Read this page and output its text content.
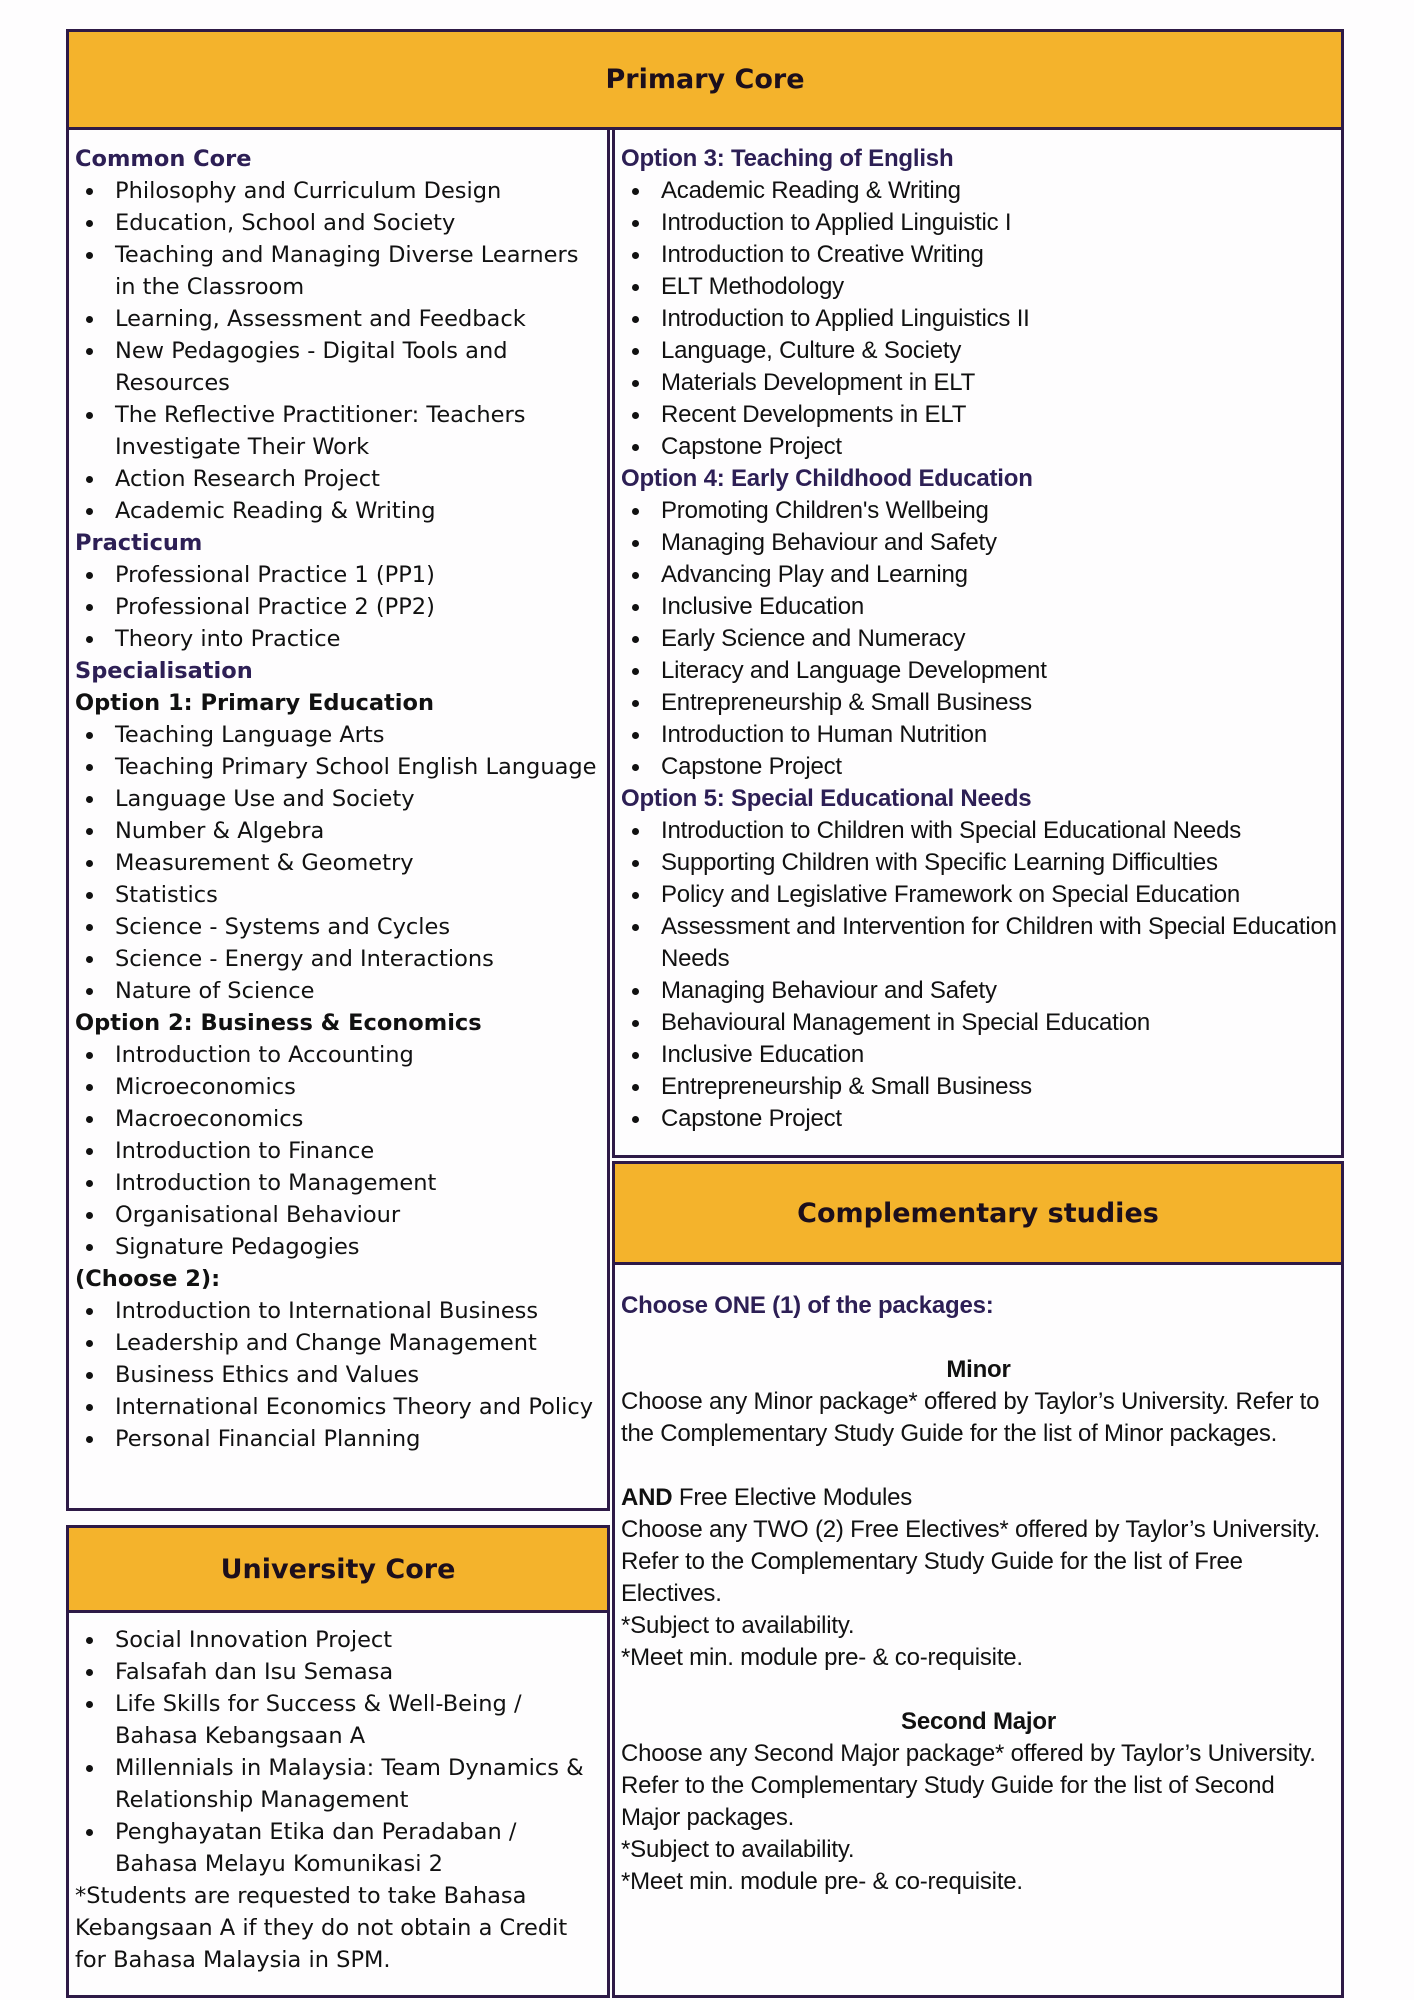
Primary Core
Common Core
Philosophy and Curriculum Design
Education, School and Society
Teaching and Managing Diverse Learners in the Classroom
Learning, Assessment and Feedback
New Pedagogies - Digital Tools and Resources
The Reflective Practitioner: Teachers Investigate Their Work
Action Research Project
Academic Reading & Writing
Practicum
Professional Practice 1 (PP1)
Professional Practice 2 (PP2)
Theory into Practice
Specialisation
Option 1: Primary Education
Teaching Language Arts
Teaching Primary School English Language
Language Use and Society
Number & Algebra
Measurement & Geometry
Statistics
Science - Systems and Cycles
Science - Energy and Interactions
Nature of Science
Option 2: Business & Economics
Introduction to Accounting
Microeconomics
Macroeconomics
Introduction to Finance
Introduction to Management
Organisational Behaviour
Signature Pedagogies
(Choose 2):
Introduction to International Business
Leadership and Change Management
Business Ethics and Values
International Economics Theory and Policy
Personal Financial Planning
Option 3: Teaching of English
Academic Reading & Writing
Introduction to Applied Linguistic I
Introduction to Creative Writing
ELT Methodology
Introduction to Applied Linguistics II
Language, Culture & Society
Materials Development in ELT
Recent Developments in ELT
Capstone Project
Option 4: Early Childhood Education
Promoting Children's Wellbeing
Managing Behaviour and Safety
Advancing Play and Learning
Inclusive Education
Early Science and Numeracy
Literacy and Language Development
Entrepreneurship & Small Business
Introduction to Human Nutrition
Capstone Project
Option 5: Special Educational Needs
Introduction to Children with Special Educational Needs
Supporting Children with Specific Learning Difficulties
Policy and Legislative Framework on Special Education
Assessment and Intervention for Children with Special Education Needs
Managing Behaviour and Safety
Behavioural Management in Special Education
Inclusive Education
Entrepreneurship & Small Business
Capstone Project
University Core
Social Innovation Project
Falsafah dan Isu Semasa
Life Skills for Success & Well-Being / Bahasa Kebangsaan A
Millennials in Malaysia: Team Dynamics & Relationship Management
Penghayatan Etika dan Peradaban / Bahasa Melayu Komunikasi 2
*Students are requested to take Bahasa Kebangsaan A if they do not obtain a Credit for Bahasa Malaysia in SPM.
Complementary studies
Choose ONE (1) of the packages:
Minor
Choose any Minor package* offered by Taylor’s University. Refer to the Complementary Study Guide for the list of Minor packages.
AND Free Elective Modules
Choose any TWO (2) Free Electives* offered by Taylor’s University. Refer to the Complementary Study Guide for the list of Free Electives.
*Subject to availability.
*Meet min. module pre- & co-requisite.
Second Major
Choose any Second Major package* offered by Taylor’s University. Refer to the Complementary Study Guide for the list of Second Major packages.
*Subject to availability.
*Meet min. module pre- & co-requisite.
